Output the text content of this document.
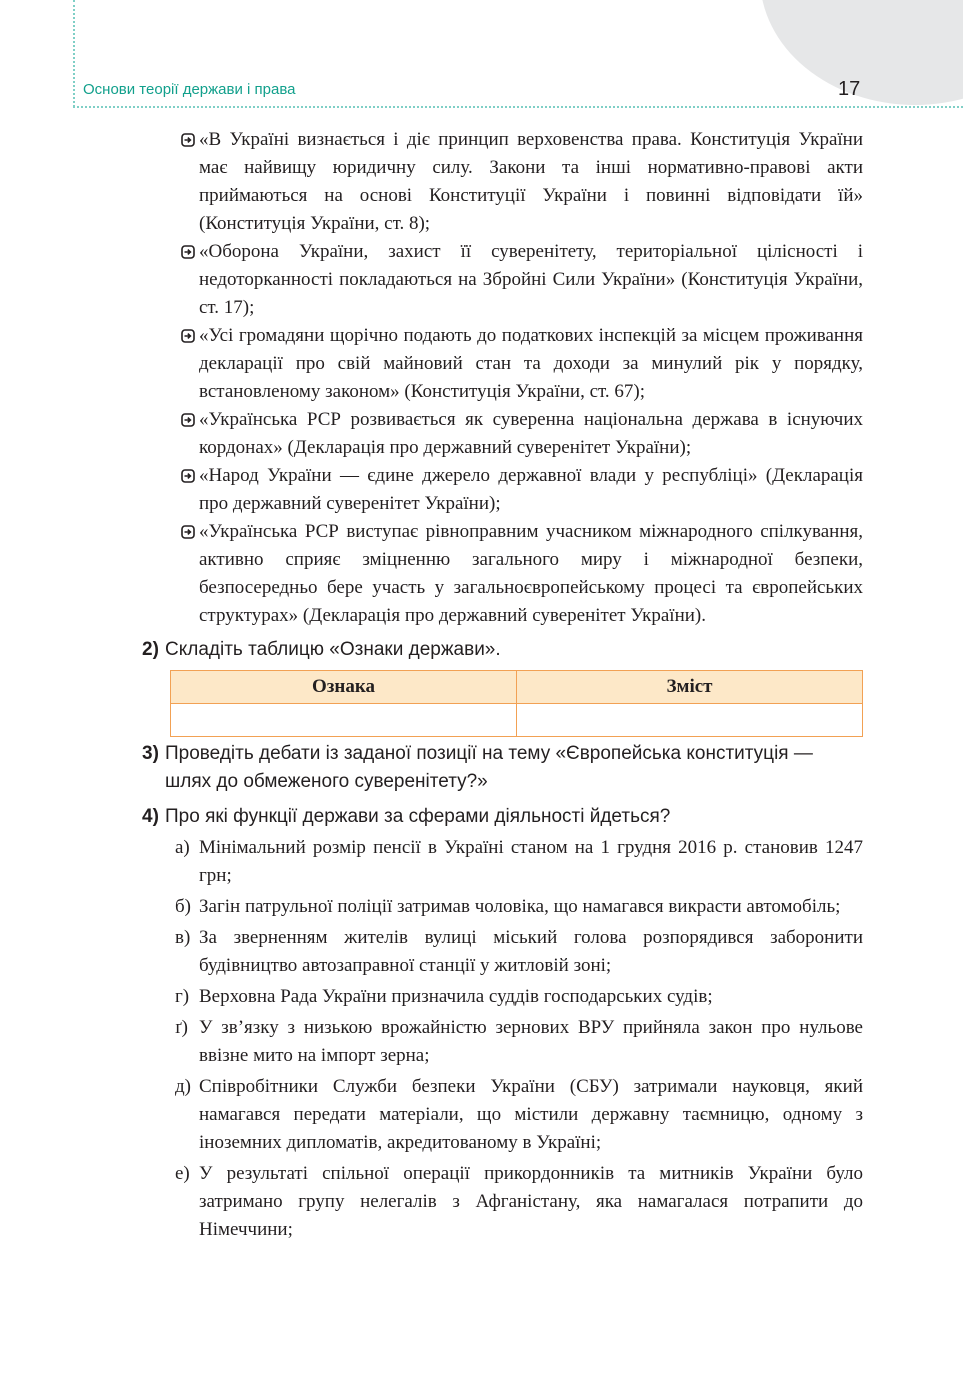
Основи теорії держави і права	17
«В Україні визнається і діє принцип верховенства права. Конституція України має найвищу юридичну силу. Закони та інші нормативно-правові акти приймаються на основі Конституції України і повинні відповідати їй» (Конституція України, ст. 8);
«Оборона України, захист її суверенітету, територіальної цілісності і недоторканності покладаються на Збройні Сили України» (Конституція України, ст. 17);
«Усі громадяни щорічно подають до податкових інспекцій за місцем проживання декларації про свій майновий стан та доходи за минулий рік у порядку, встановленому законом» (Конституція України, ст. 67);
«Українська РСР розвивається як суверенна національна держава в існуючих кордонах» (Декларація про державний суверенітет України);
«Народ України — єдине джерело державної влади у республіці» (Декларація про державний суверенітет України);
«Українська РСР виступає рівноправним учасником міжнародного спілкування, активно сприяє зміцненню загального миру і міжнародної безпеки, безпосередньо бере участь у загальноєвропейському процесі та європейських структурах» (Декларація про державний суверенітет України).
2) Складіть таблицю «Ознаки держави».
Ознака	Зміст

3) Проведіть дебати із заданої позиції на тему «Європейська конституція — шлях до обмеженого суверенітету?»
4) Про які функції держави за сферами діяльності йдеться?
а) Мінімальний розмір пенсії в Україні станом на 1 грудня 2016 р. становив 1247 грн;
б) Загін патрульної поліції затримав чоловіка, що намагався викрасти автомобіль;
в) За зверненням жителів вулиці міський голова розпорядився заборонити будівництво автозаправної станції у житловій зоні;
г) Верховна Рада України призначила суддів господарських судів;
ґ) У зв’язку з низькою врожайністю зернових ВРУ прийняла закон про нульове ввізне мито на імпорт зерна;
д) Співробітники Служби безпеки України (СБУ) затримали науковця, який намагався передати матеріали, що містили державну таємницю, одному з іноземних дипломатів, акредитованому в Україні;
е) У результаті спільної операції прикордонників та митників України було затримано групу нелегалів з Афганістану, яка намагалася потрапити до Німеччини;
